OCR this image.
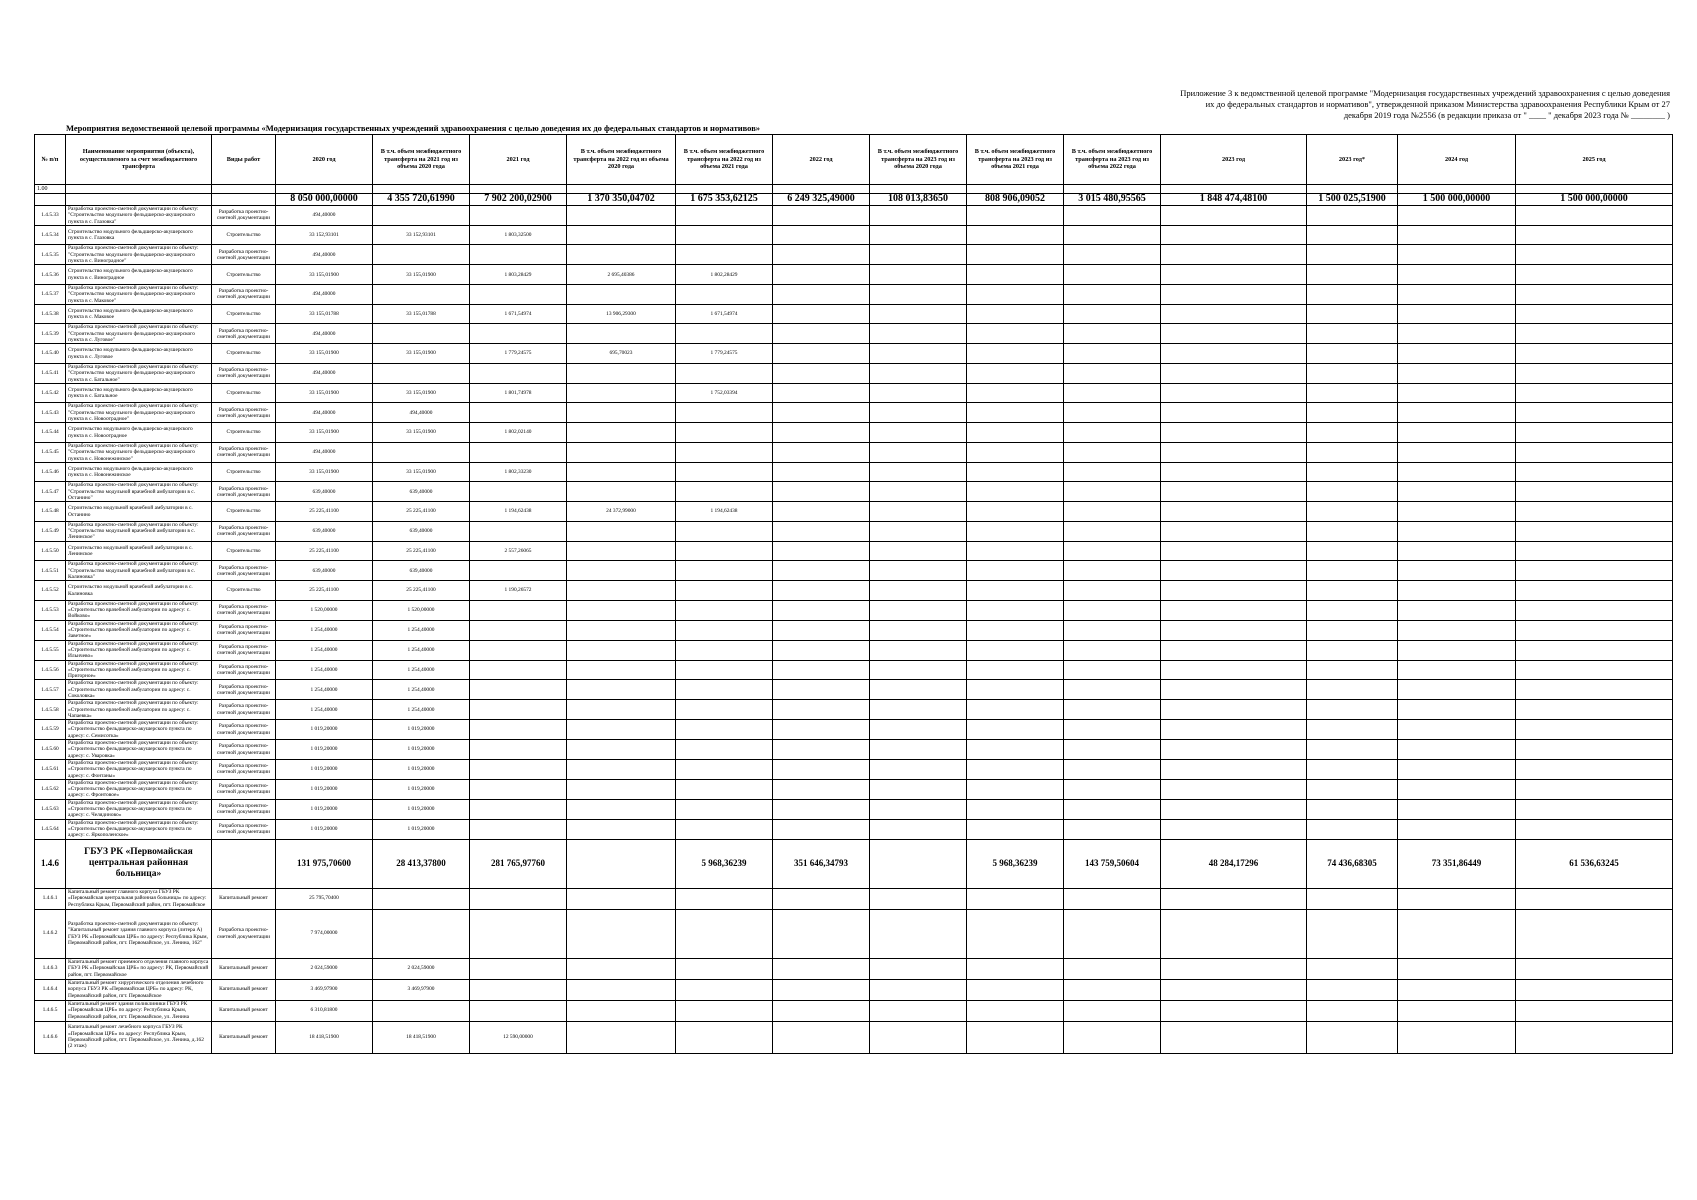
Приложение 3 к ведомственной целевой программе "Модернизация государственных учреждений здравоохранения с целью доведения
их до федеральных стандартов и нормативов", утвержденной приказом Министерства здравоохранения Республики Крым от 27
декабря 2019 года №2556 (в редакции приказа от " ____ " декабря 2023 года № ________ )
Мероприятия ведомственной целевой программы «Модернизация государственных учреждений здравоохранения с целью доведения их до федеральных стандартов и нормативов»
№ п/п	Наименование мероприятия (объекта), осуществляемого за счет межбюджетного трансферта	Виды работ	2020 год	В т.ч. объем межбюджетного трансферта на 2021 год из объема 2020 года	2021 год	В т.ч. объем межбюджетного трансферта на 2022 год из объема 2020 года	В т.ч. объем межбюджетного трансферта на 2022 год из объема 2021 года	2022 год	В т.ч. объем межбюджетного трансферта на 2023 год из объема 2020 года	В т.ч. объем межбюджетного трансферта на 2023 год из объема 2021 года	В т.ч. объем межбюджетного трансферта на 2023 год из объема 2022 года	2023 год	2023 год*	2024 год	2025 год	
1.00																
			8 050 000,00000	4 355 720,61990	7 902 200,02900	1 370 350,04702	1 675 353,62125	6 249 325,49000	108 013,83650	808 906,09052	3 015 480,95565	1 848 474,48100	1 500 025,51900	1 500 000,00000	1 500 000,00000	
1.4.5.33	Разработка проектно-сметной документации по объекту: "Строительство модульного фельдшерско-акушерского пункта в с. Глазовка"	Разработка проектно-сметной документации	494,40000													
1.4.5.34	Строительство модульного фельдшерско-акушерского пункта в с. Глазовка	Строительство	33 152,93101	33 152,93101	1 803,32500											
1.4.5.35	Разработка проектно-сметной документации по объекту: "Строительство модульного фельдшерско-акушерского пункта в с. Виноградное"	Разработка проектно-сметной документации	494,40000													
1.4.5.36	Строительство модульного фельдшерско-акушерского пункта в с. Виноградное	Строительство	33 155,01900	33 155,01900	1 803,28429	2 695,40386	1 802,28429									
1.4.5.37	Разработка проектно-сметной документации по объекту: "Строительство модульного фельдшерско-акушерского пункта в с. Маковое"	Разработка проектно-сметной документации	494,40000													
1.4.5.38	Строительство модульного фельдшерско-акушерского пункта в с. Маковое	Строительство	33 155,01788	33 155,01788	1 671,54974	13 906,29300	1 671,54974									
1.4.5.39	Разработка проектно-сметной документации по объекту: "Строительство модульного фельдшерско-акушерского пункта в с. Луговое"	Разработка проектно-сметной документации	494,40000													
1.4.5.40	Строительство модульного фельдшерско-акушерского пункта в с. Луговое	Строительство	33 155,01900	33 155,01900	1 779,24575	695,70023	1 779,24575									
1.4.5.41	Разработка проектно-сметной документации по объекту: "Строительство модульного фельдшерско-акушерского пункта в с. Батальное"	Разработка проектно-сметной документации	494,40000													
1.4.5.42	Строительство модульного фельдшерско-акушерского пункта в с. Батальное	Строительство	33 155,01900	33 155,01900	1 801,74978		1 752,03394									
1.4.5.43	Разработка проектно-сметной документации по объекту: "Строительство модульного фельдшерско-акушерского пункта в с. Новоотрадное"	Разработка проектно-сметной документации	494,40000	494,40000												
1.4.5.44	Строительство модульного фельдшерско-акушерского пункта в с. Новоотрадное	Строительство	33 155,01900	33 155,01900	1 802,02140											
1.4.5.45	Разработка проектно-сметной документации по объекту: "Строительство модульного фельдшерско-акушерского пункта в с. Новонежинское"	Разработка проектно-сметной документации	494,40000													
1.4.5.46	Строительство модульного фельдшерско-акушерского пункта в с. Новонежинское	Строительство	33 155,01900	33 155,01900	1 802,33230											
1.4.5.47	Разработка проектно-сметной документации по объекту: "Строительство модульной врачебной амбулатории в с. Останино"	Разработка проектно-сметной документации	639,40000	639,40000												
1.4.5.48	Строительство модульной врачебной амбулатории в с. Останино	Строительство	25 225,41100	25 225,41100	1 194,62438	24 372,99000	1 194,62438									
1.4.5.49	Разработка проектно-сметной документации по объекту: "Строительство модульной врачебной амбулатории в с. Ленинское"	Разработка проектно-сметной документации	639,40000	639,40000												
1.4.5.50	Строительство модульной врачебной амбулатории в с. Ленинское	Строительство	25 225,41100	25 225,41100	2 557,26065											
1.4.5.51	Разработка проектно-сметной документации по объекту: "Строительство модульной врачебной амбулатории в с. Калиновка"	Разработка проектно-сметной документации	639,40000	639,40000												
1.4.5.52	Строительство модульной врачебной амбулатории в с. Калиновка	Строительство	25 225,41100	25 225,41100	1 190,26572											
1.4.5.53	Разработка проектно-сметной документации по объекту: «Строительство врачебной амбулатории по адресу: с. Войково»	Разработка проектно-сметной документации	1 520,00000	1 520,00000												
1.4.5.54	Разработка проектно-сметной документации по объекту: «Строительство врачебной амбулатории по адресу: с. Заветное»	Разработка проектно-сметной документации	1 254,40000	1 254,40000												
1.4.5.55	Разработка проектно-сметной документации по объекту: «Строительство врачебной амбулатории по адресу: с. Ильичево»	Разработка проектно-сметной документации	1 254,40000	1 254,40000												
1.4.5.56	Разработка проектно-сметной документации по объекту: «Строительство врачебной амбулатории по адресу: с. Пригорное»	Разработка проектно-сметной документации	1 254,40000	1 254,40000												
1.4.5.57	Разработка проектно-сметной документации по объекту: «Строительство врачебной амбулатории по адресу: с. Соколовка»	Разработка проектно-сметной документации	1 254,40000	1 254,40000												
1.4.5.58	Разработка проектно-сметной документации по объекту: «Строительство врачебной амбулатории по адресу: с. Чапаевка»	Разработка проектно-сметной документации	1 254,40000	1 254,40000												
1.4.5.59	Разработка проектно-сметной документации по объекту: «Строительство фельдшерско-акушерского пункта по адресу: с. Семисотка»	Разработка проектно-сметной документации	1 019,20000	1 019,20000												
1.4.5.60	Разработка проектно-сметной документации по объекту: «Строительство фельдшерско-акушерского пункта по адресу: с. Уваровка»	Разработка проектно-сметной документации	1 019,20000	1 019,20000												
1.4.5.61	Разработка проектно-сметной документации по объекту: «Строительство фельдшерско-акушерского пункта по адресу: с. Фонтаны»	Разработка проектно-сметной документации	1 019,20000	1 019,20000												
1.4.5.62	Разработка проектно-сметной документации по объекту: «Строительство фельдшерско-акушерского пункта по адресу: с. Фронтовое»	Разработка проектно-сметной документации	1 019,20000	1 019,20000												
1.4.5.63	Разработка проектно-сметной документации по объекту: «Строительство фельдшерско-акушерского пункта по адресу: с. Челядиново»	Разработка проектно-сметной документации	1 019,20000	1 019,20000												
1.4.5.64	Разработка проектно-сметной документации по объекту: «Строительство фельдшерско-акушерского пункта по адресу: с. Яркополенское»	Разработка проектно-сметной документации	1 019,20000	1 019,20000												
1.4.6	ГБУЗ РК «Первомайская центральная районная больница»		131 975,70600	28 413,37800	281 765,97760		5 968,36239	351 646,34793		5 968,36239	143 759,50604	48 284,17296	74 436,68305	73 351,86449	61 536,63245	
1.4.6.1	Капитальный ремонт главного корпуса ГБУЗ РК «Первомайская центральная районная больница» по адресу: Республика Крым, Первомайский район, пгт. Первомайское	Капитальный ремонт	25 795,70400													
1.4.6.2	Разработка проектно-сметной документации по объекту: "Капитальный ремонт здания главного корпуса (литера А) ГБУЗ РК «Первомайская ЦРБ» по адресу: Республика Крым, Первомайский район, пгт. Первомайское, ул. Ленина, 162"	Разработка проектно-сметной документации	7 974,00000													
1.4.6.3	Капитальный ремонт приемного отделения главного корпуса ГБУЗ РК «Первомайская ЦРБ» по адресу: РК, Первомайский район, пгт. Первомайское	Капитальный ремонт	2 024,59000	2 024,59000												
1.4.6.4	Капитальный ремонт хирургического отделения лечебного корпуса ГБУЗ РК «Первомайская ЦРБ» по адресу: РК, Первомайский район, пгт. Первомайское	Капитальный ремонт	3 469,97900	3 469,97900												
1.4.6.5	Капитальный ремонт здания поликлиники ГБУЗ РК «Первомайская ЦРБ» по адресу: Республика Крым, Первомайский район, пгт. Первомайское, ул. Ленина	Капитальный ремонт	6 310,81800													
1.4.6.6	Капитальный ремонт лечебного корпуса ГБУЗ РК «Первомайская ЦРБ» по адресу: Республика Крым, Первомайский район, пгт. Первомайское, ул. Ленина, д.162 (2 этаж)	Капитальный ремонт	18 418,51900	18 418,51900	12 590,00000											
